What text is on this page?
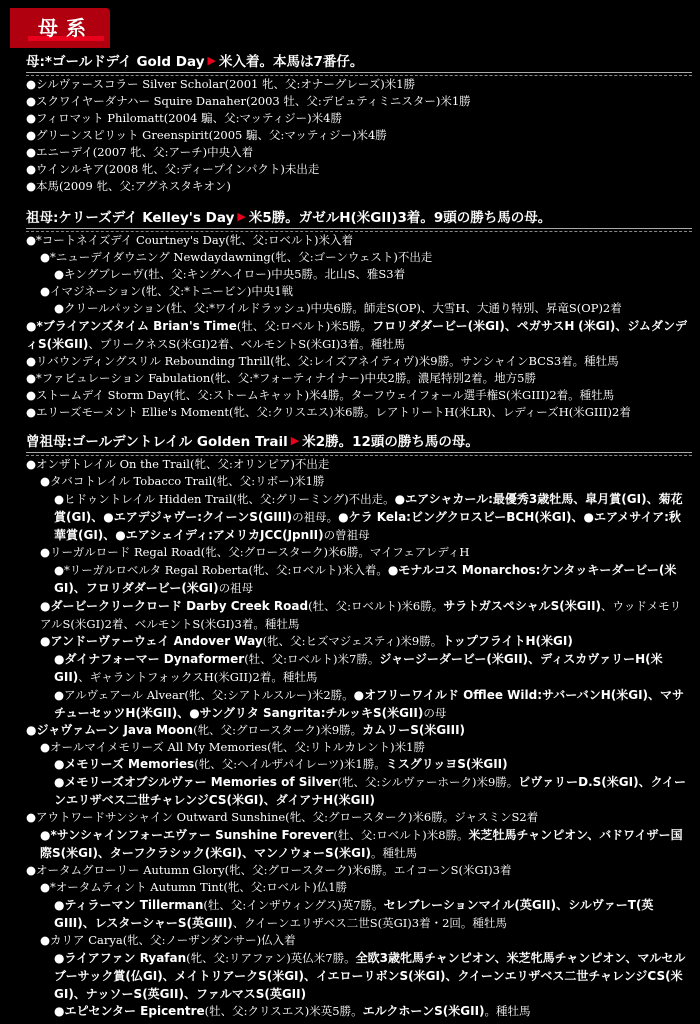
母系
母:*ゴールドデイ Gold Day ▶ 米入着。本馬は7番仔。
●シルヴァースコラー Silver Scholar(2001 牝、父:オナーグレーズ)米1勝
●スクワイヤーダナハー Squire Danaher(2003 牡、父:デピュティミニスター)米1勝
●フィロマット Philomatt(2004 騸、父:マッティジー)米4勝
●グリーンスピリット Greenspirit(2005 騸、父:マッティジー)米4勝
●エニーデイ(2007 牝、父:アーチ)中央入着
●ウインルキア(2008 牝、父:ディープインパクト)未出走
●本馬(2009 牝、父:アグネスタキオン)
祖母:ケリーズデイ Kelley's Day ▶ 米5勝。ガゼルH(米GII)3着。9頭の勝ち馬の母。
●*コートネイズデイ Courtney's Day(牝、父:ロベルト)米入着
●*ニューデイダウニング Newdaydawning(牝、父:ゴーンウェスト)不出走
●キングブレーヴ(牡、父:キングヘイロー)中央5勝。北山S、雅S3着
●イマジネーション(牝、父:*トニービン)中央1戦
●クリールパッション(牡、父:*ワイルドラッシュ)中央6勝。師走S(OP)、大雪H、大通り特別、昇竜S(OP)2着
●*ブライアンズタイム Brian's Time(牡、父:ロベルト)米5勝。フロリダダービー(米GI)、ペガサスH (米GI)、ジムダンディS(米GII)、プリークネスS(米GI)2着、ベルモントS(米GI)3着。種牡馬
●リバウンディングスリル Rebounding Thrill(牝、父:レイズアネイティヴ)米9勝。サンシャインBCS3着。種牡馬
●*ファビュレーション Fabulation(牝、父:*フォーティナイナー)中央2勝。濃尾特別2着。地方5勝
●ストームデイ Storm Day(牝、父:ストームキャット)米4勝。ターフウェイフォール選手権S(米GIII)2着。種牡馬
●エリーズモーメント Ellie's Moment(牝、父:クリスエス)米6勝。レアトリートH(米LR)、レディーズH(米GIII)2着
曾祖母:ゴールデントレイル Golden Trail ▶ 米2勝。12頭の勝ち馬の母。
●オンザトレイル On the Trail(牝、父:オリンピア)不出走
●タバコトレイル Tobacco Trail(牝、父:リボー)米1勝
●ヒドゥントレイル Hidden Trail(牝、父:グリーミング)不出走。●エアシャカール:最優秀3歳牡馬、皐月賞(GI)、菊花賞(GI)、●エアデジャヴー:クイーンS(GIII)の祖母。●ケラ Kela:ビングクロスビーBCH(米GI)、●エアメサイア:秋華賞(GI)、●エアシェイディ:アメリカJCC(JpnII)の曾祖母
●リーガルロード Regal Road(牝、父:グロースターク)米6勝。マイフェアレディH
●*リーガルロベルタ Regal Roberta(牝、父:ロベルト)米入着。●モナルコス Monarchos:ケンタッキーダービー(米GI)、フロリダダービー(米GI)の祖母
●ダービークリークロード Darby Creek Road(牡、父:ロベルト)米6勝。サラトガスペシャルS(米GII)、ウッドメモリアルS(米GI)2着、ベルモントS(米GI)3着。種牡馬
●アンドーヴァーウェイ Andover Way(牝、父:ヒズマジェスティ)米9勝。トップフライトH(米GI)
●ダイナフォーマー Dynaformer(牡、父:ロベルト)米7勝。ジャージーダービー(米GII)、ディスカヴァリーH(米GII)、ギャラントフォックスH(米GII)2着。種牡馬
●アルヴェアール Alvear(牝、父:シアトルスルー)米2勝。●オフリーワイルド Offlee Wild:サバーバンH(米GI)、マサチューセッツH(米GII)、●サングリタ Sangrita:チルッキS(米GII)の母
●ジャヴァムーン Java Moon(牝、父:グロースターク)米9勝。カムリーS(米GIII)
●オールマイメモリーズ All My Memories(牝、父:リトルカレント)米1勝
●メモリーズ Memories(牝、父:ヘイルザパイレーツ)米1勝。ミスグリッヨS(米GII)
●メモリーズオブシルヴァー Memories of Silver(牝、父:シルヴァーホーク)米9勝。ビヴァリーD.S(米GI)、クイーンエリザベス二世チャレンジCS(米GI)、ダイアナH(米GII)
●アウトワードサンシャイン Outward Sunshine(牝、父:グロースターク)米6勝。ジャスミンS2着
●*サンシャインフォーエヴァー Sunshine Forever(牡、父:ロベルト)米8勝。米芝牡馬チャンピオン、バドワイザー国際S(米GI)、ターフクラシック(米GI)、マンノウォーS(米GI)。種牡馬
●オータムグローリー Autumn Glory(牝、父:グロースターク)米6勝。エイコーンS(米GI)3着
●*オータムティント Autumn Tint(牝、父:ロベルト)仏1勝
●ティラーマン Tillerman(牡、父:インザウィングス)英7勝。セレブレーションマイル(英GII)、シルヴァーT(英GIII)、レスターシャーS(英GIII)、クイーンエリザベス二世S(英GI)3着・2回。種牡馬
●カリア Carya(牝、父:ノーザンダンサー)仏入着
●ライアファン Ryafan(牝、父:リアファン)英仏米7勝。全欧3歳牝馬チャンピオン、米芝牝馬チャンピオン、マルセルブーサック賞(仏GI)、メイトリアークS(米GI)、イエローリボンS(米GI)、クイーンエリザベス二世チャレンジCS(米GI)、ナッソーS(英GII)、ファルマスS(英GII)
●エピセンター Epicentre(牡、父:クリスエス)米英5勝。エルクホーンS(米GII)。種牡馬
